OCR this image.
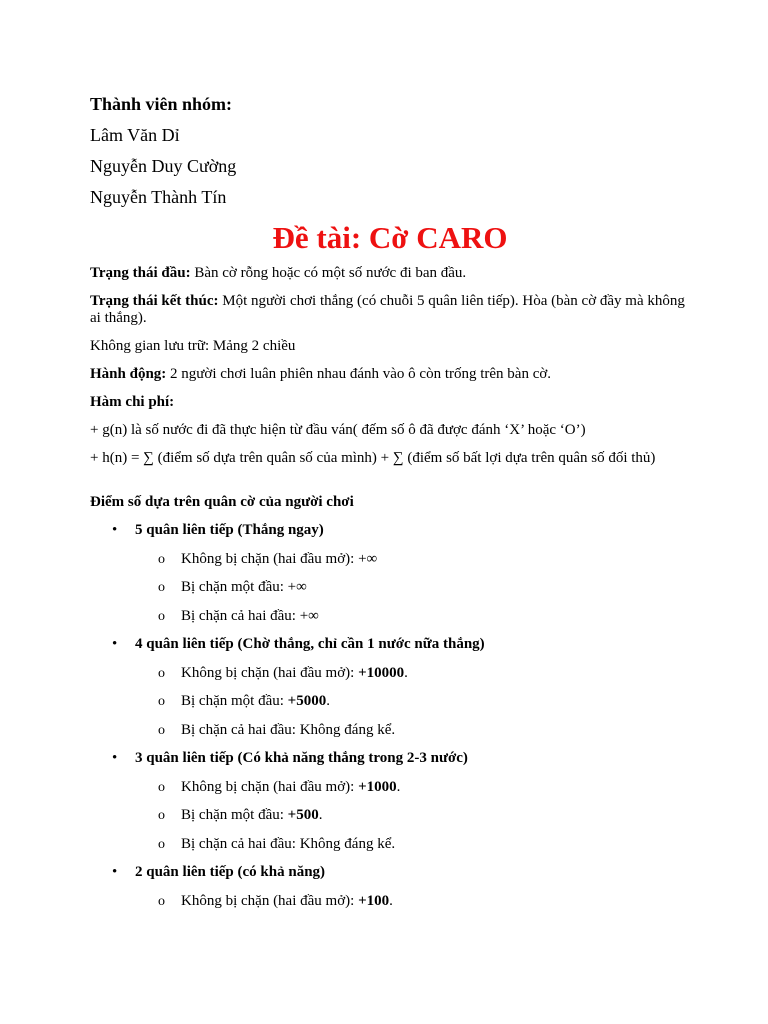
Thành viên nhóm:
Lâm Văn Dỉ
Nguyễn Duy Cường
Nguyễn Thành Tín
Đề tài: Cờ CARO
Trạng thái đầu: Bàn cờ rỗng hoặc có một số nước đi ban đầu.
Trạng thái kết thúc: Một người chơi thắng (có chuỗi 5 quân liên tiếp). Hòa (bàn cờ đầy mà không ai thắng).
Không gian lưu trữ: Mảng 2 chiều
Hành động: 2 người chơi luân phiên nhau đánh vào ô còn trống trên bàn cờ.
Hàm chi phí:
+ g(n) là số nước đi đã thực hiện từ đầu ván( đếm số ô đã được đánh ‘X’ hoặc ‘O’)
+ h(n) = ∑ (điểm số dựa trên quân số của mình) + ∑ (điểm số bất lợi dựa trên quân số đối thủ)
Điểm số dựa trên quân cờ của người chơi
• 5 quân liên tiếp (Thắng ngay)
o Không bị chặn (hai đầu mở): +∞
o Bị chặn một đầu: +∞
o Bị chặn cả hai đầu: +∞
• 4 quân liên tiếp (Chờ thắng, chỉ cần 1 nước nữa thắng)
o Không bị chặn (hai đầu mở): +10000.
o Bị chặn một đầu: +5000.
o Bị chặn cả hai đầu: Không đáng kể.
• 3 quân liên tiếp (Có khả năng thắng trong 2-3 nước)
o Không bị chặn (hai đầu mở): +1000.
o Bị chặn một đầu: +500.
o Bị chặn cả hai đầu: Không đáng kể.
• 2 quân liên tiếp (có khả năng)
o Không bị chặn (hai đầu mở): +100.
